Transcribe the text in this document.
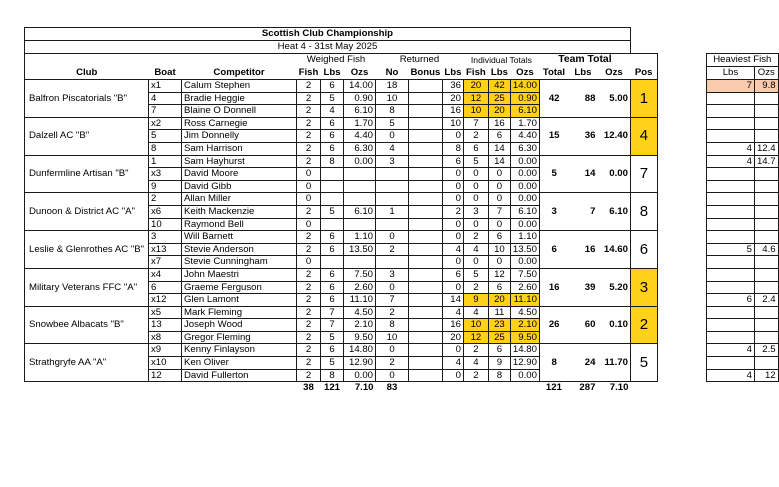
Scottish Club Championship																		
Heat 4 - 31st May 2025																		
			Weighed Fish			Returned			Individual Totals			Team Total					Heaviest Fish	
Club	Boat	Competitor	Fish	Lbs	Ozs	No	Bonus	Lbs	Fish	Lbs	Ozs	Total	Lbs	Ozs	Pos		Lbs	Ozs
Balfron Piscatorials "B"	x1	Calum Stephen	2	6	14.00	18		36	20	42	14.00	42	88	5.00	1		7	9.8
	4	Bradie Heggie	2	5	0.90	10		20	12	25	0.90							
	7	Blaine O Donnell	2	4	6.10	8		16	10	20	6.10							
Dalzell AC "B"	x2	Ross Carnegie	2	6	1.70	5		10	7	16	1.70	15	36	12.40	4			
	5	Jim Donnelly	2	6	4.40	0		0	2	6	4.40							
	8	Sam Harrison	2	6	6.30	4		8	6	14	6.30						4	12.4
Dunfermline Artisan "B"	1	Sam Hayhurst	2	8	0.00	3		6	5	14	0.00	5	14	0.00	7		4	14.7
	x3	David Moore	0					0	0	0	0.00							
	9	David Gibb	0					0	0	0	0.00							
Dunoon & District AC "A"	2	Allan Miller	0					0	0	0	0.00	3	7	6.10	8			
	x6	Keith Mackenzie	2	5	6.10	1		2	3	7	6.10							
	10	Raymond Bell	0					0	0	0	0.00							
Leslie & Glenrothes AC "B"	3	Will Barnett	2	6	1.10	0		0	2	6	1.10	6	16	14.60	6			
	x13	Stevie Anderson	2	6	13.50	2		4	4	10	13.50						5	4.6
	x7	Stevie Cunningham	0					0	0	0	0.00							
Military Veterans FFC "A"	x4	John Maestri	2	6	7.50	3		6	5	12	7.50	16	39	5.20	3			
	6	Graeme Ferguson	2	6	2.60	0		0	2	6	2.60							
	x12	Glen Lamont	2	6	11.10	7		14	9	20	11.10						6	2.4
Snowbee Albacats "B"	x5	Mark Fleming	2	7	4.50	2		4	4	11	4.50	26	60	0.10	2			
	13	Joseph Wood	2	7	2.10	8		16	10	23	2.10							
	x8	Gregor Fleming	2	5	9.50	10		20	12	25	9.50							
Strathgryfe AA "A"	x9	Kenny Finlayson	2	6	14.80	0		0	2	6	14.80	8	24	11.70	5		4	2.5
	x10	Ken Oliver	2	5	12.90	2		4	4	9	12.90							
	12	David Fullerton	2	8	0.00	0		0	2	8	0.00						4	12
			38	121	7.10	83						121	287	7.10				
